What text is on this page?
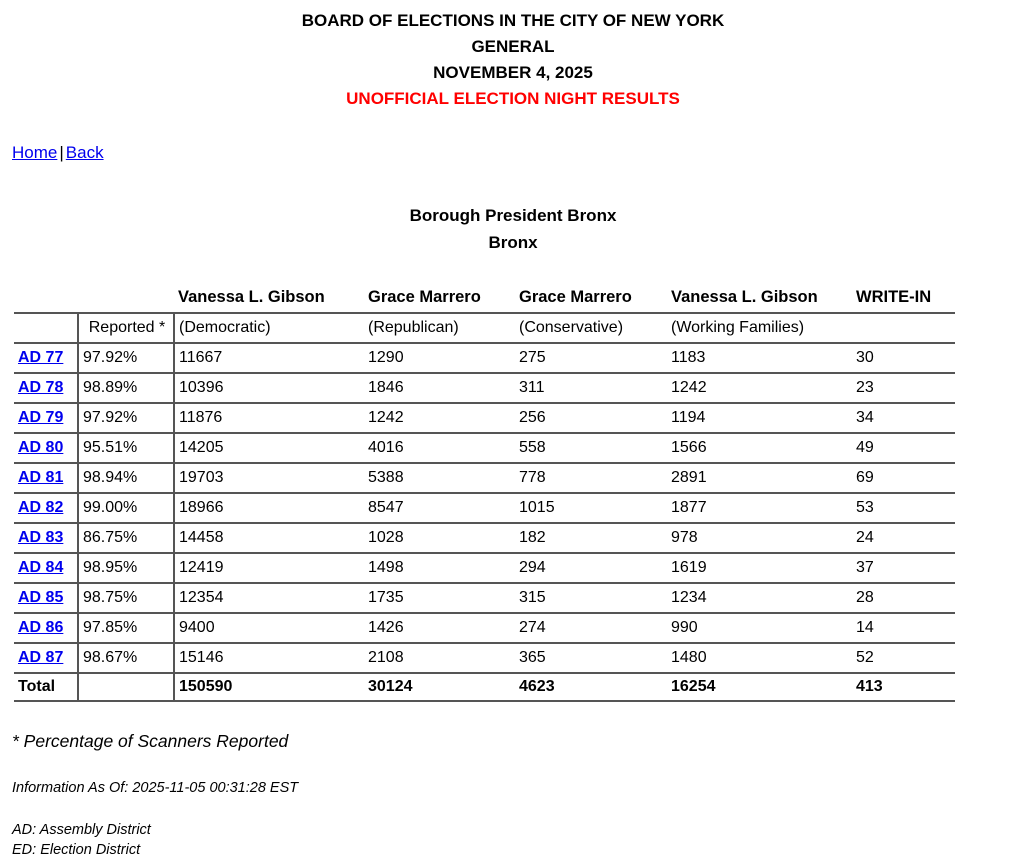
BOARD OF ELECTIONS IN THE CITY OF NEW YORK
GENERAL
NOVEMBER 4, 2025
UNOFFICIAL ELECTION NIGHT RESULTS
Home | Back
Borough President Bronx
Bronx
		Vanessa L. Gibson	Grace Marrero	Grace Marrero	Vanessa L. Gibson	WRITE-IN
	Reported *	(Democratic)	(Republican)	(Conservative)	(Working Families)	
AD 77	97.92%	11667	1290	275	1183	30
AD 78	98.89%	10396	1846	311	1242	23
AD 79	97.92%	11876	1242	256	1194	34
AD 80	95.51%	14205	4016	558	1566	49
AD 81	98.94%	19703	5388	778	2891	69
AD 82	99.00%	18966	8547	1015	1877	53
AD 83	86.75%	14458	1028	182	978	24
AD 84	98.95%	12419	1498	294	1619	37
AD 85	98.75%	12354	1735	315	1234	28
AD 86	97.85%	9400	1426	274	990	14
AD 87	98.67%	15146	2108	365	1480	52
Total		150590	30124	4623	16254	413
* Percentage of Scanners Reported
Information As Of: 2025-11-05 00:31:28 EST
AD: Assembly District
ED: Election District
